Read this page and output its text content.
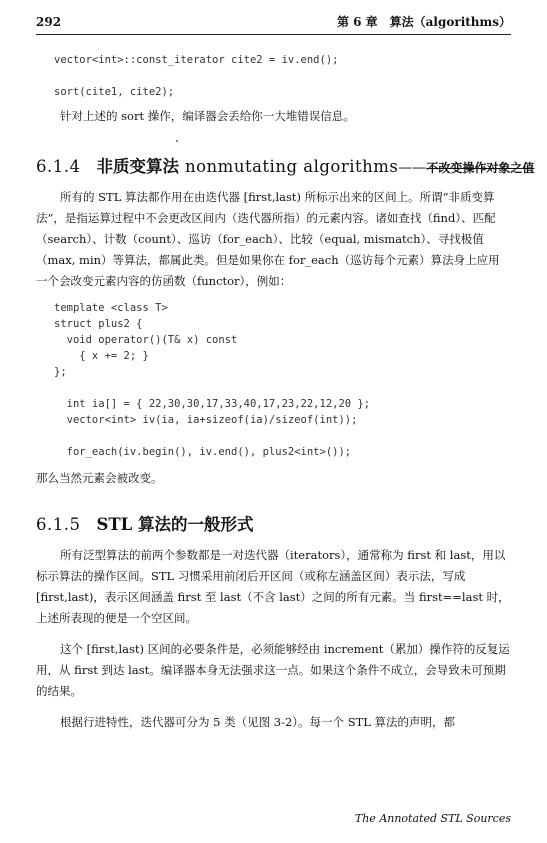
292	第 6 章　算法（algorithms）
vector<int>::const_iterator cite2 = iv.end();

sort(cite1, cite2);

针对上述的 sort 操作，编译器会丢给你一大堆错误信息。

6.1.4 非质变算法 nonmutating algorithms —— 不改变操作对象之值

所有的 STL 算法都作用在由迭代器 [first,last) 所标示出来的区间上。所谓“非质变算法”，是指运算过程中不会更改区间内（迭代器所指）的元素内容。诸如查找（find）、匹配（search）、计数（count）、巡访（for_each）、比较（equal, mismatch）、寻找极值（max, min）等算法，都属此类。但是如果你在 for_each（巡访每个元素）算法身上应用一个会改变元素内容的仿函数（functor），例如：

template <class T>
struct plus2 {
void operator()(T& x) const
{ x += 2; }
};

int ia[] = { 22,30,30,17,33,40,17,23,22,12,20 };
vector<int> iv(ia, ia+sizeof(ia)/sizeof(int));

for_each(iv.begin(), iv.end(), plus2<int>());

那么当然元素会被改变。

6.1.5 STL 算法的一般形式

所有泛型算法的前两个参数都是一对迭代器（iterators），通常称为 first 和 last，用以标示算法的操作区间。STL 习惯采用前闭后开区间（或称左涵盖区间）表示法，写成 [first,last)，表示区间涵盖 first 至 last（不含 last）之间的所有元素。当 first==last 时，上述所表现的便是一个空区间。

这个 [first,last) 区间的必要条件是，必须能够经由 increment（累加）操作符的反复运用，从 first 到达 last。编译器本身无法强求这一点。如果这个条件不成立，会导致未可预期的结果。

根据行进特性，迭代器可分为 5 类（见图 3-2）。每一个 STL 算法的声明，都

The Annotated STL Sources
